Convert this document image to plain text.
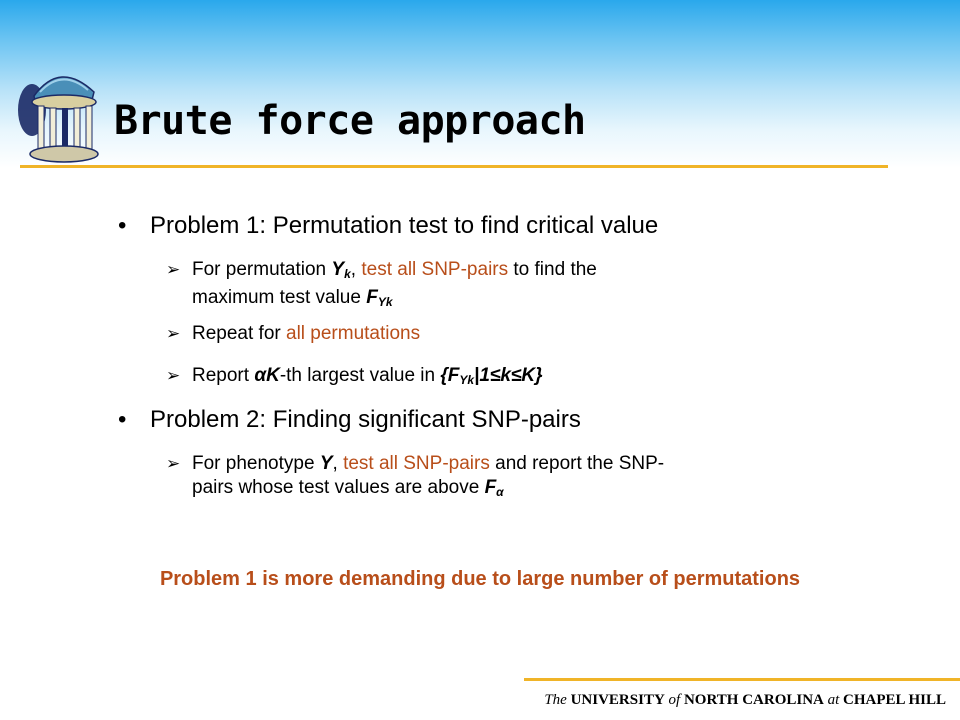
Brute force approach
• Problem 1: Permutation test to find critical value
➢ For permutation $Y_k$, test all SNP-pairs to find the
maximum test value $F_{Yk}$
➢ Repeat for all permutations
➢ Report αK-th largest value in $\{F_{Yk}|1\le k\le K\}$
• Problem 2: Finding significant SNP-pairs
➢ For phenotype Y, test all SNP-pairs and report the SNP-
pairs whose test values are above $F_\alpha$
Problem 1 is more demanding due to large number of permutations
The UNIVERSITY of NORTH CAROLINA at CHAPEL HILL
